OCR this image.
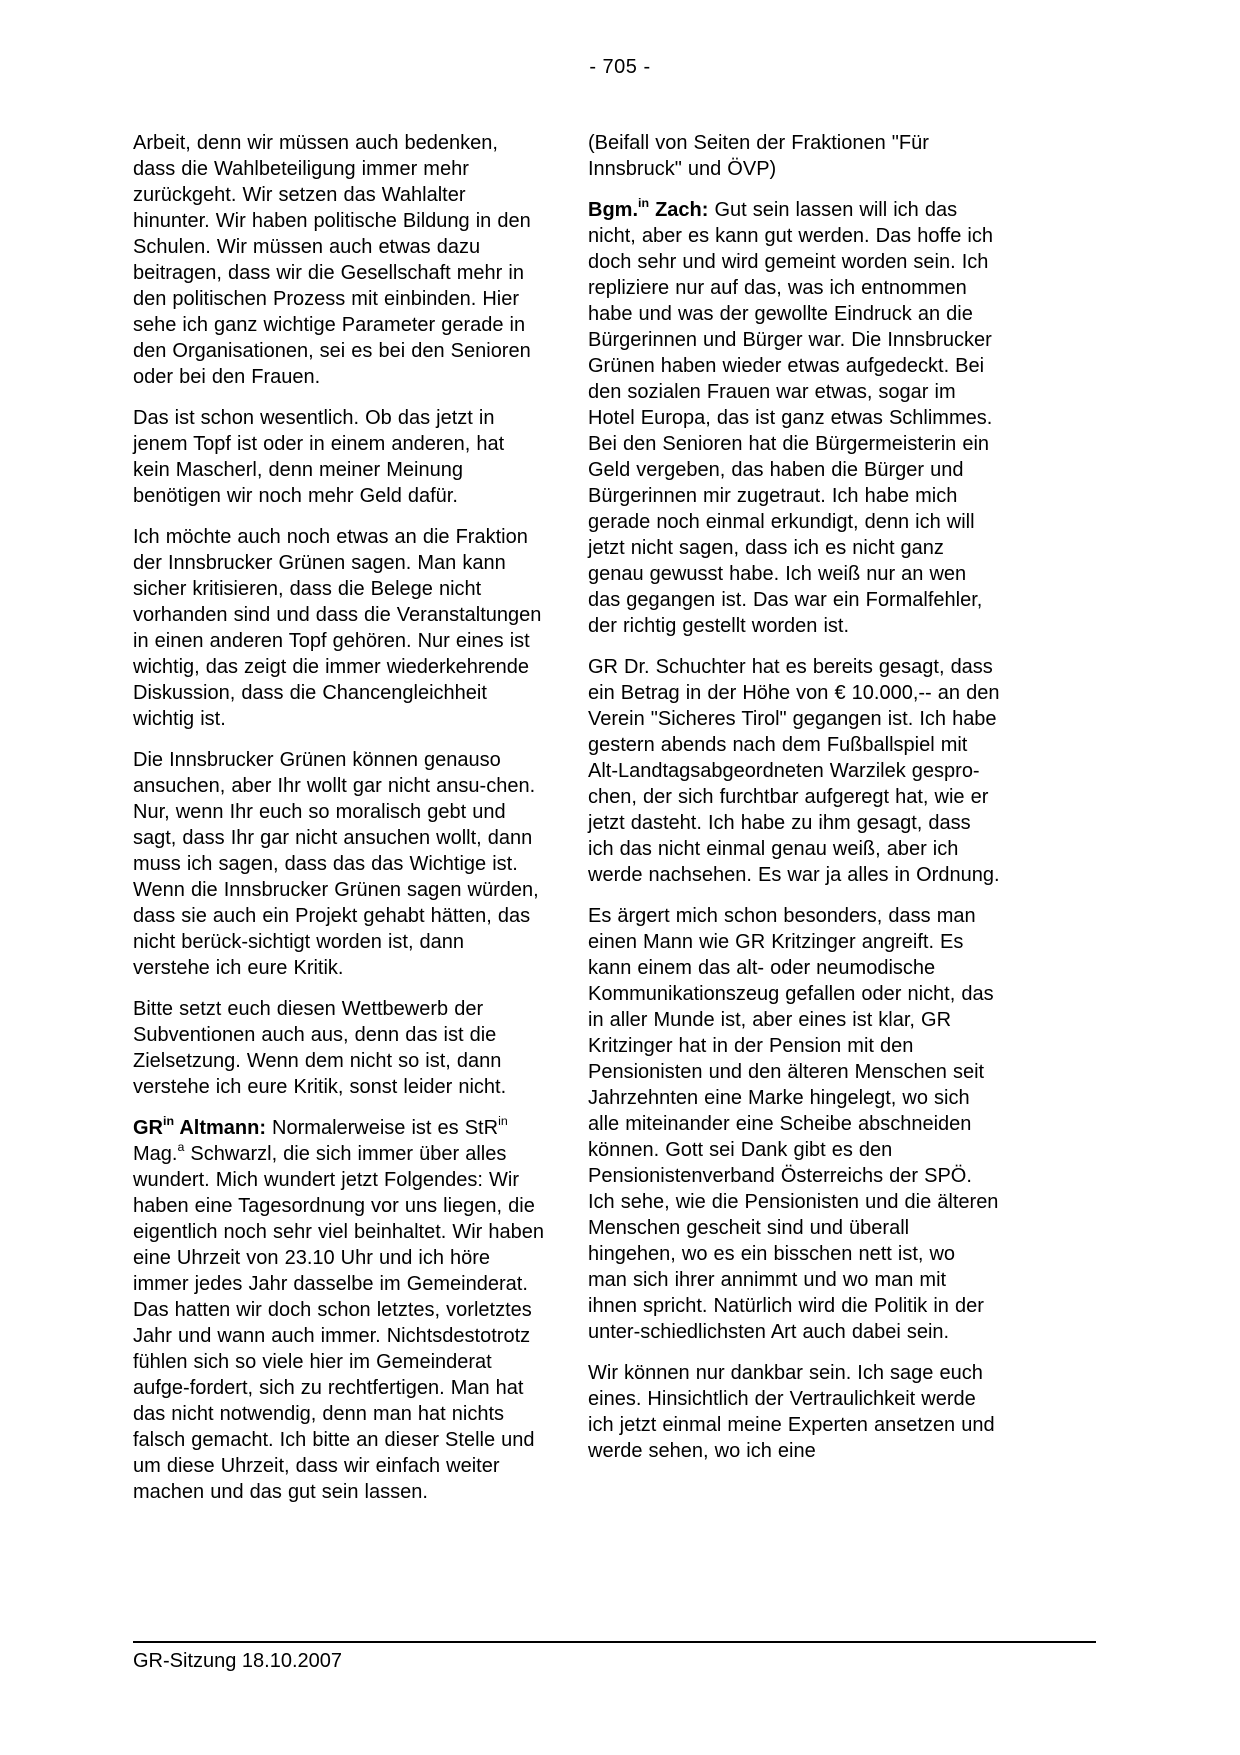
- 705 -

Arbeit, denn wir müssen auch bedenken, dass die Wahlbeteiligung immer mehr zurückgeht. Wir setzen das Wahlalter hinunter. Wir haben politische Bildung in den Schulen. Wir müssen auch etwas dazu beitragen, dass wir die Gesellschaft mehr in den politischen Prozess mit einbinden. Hier sehe ich ganz wichtige Parameter gerade in den Organisationen, sei es bei den Senioren oder bei den Frauen.

Das ist schon wesentlich. Ob das jetzt in jenem Topf ist oder in einem anderen, hat kein Mascherl, denn meiner Meinung benötigen wir noch mehr Geld dafür.

Ich möchte auch noch etwas an die Fraktion der Innsbrucker Grünen sagen. Man kann sicher kritisieren, dass die Belege nicht vorhanden sind und dass die Veranstaltungen in einen anderen Topf gehören. Nur eines ist wichtig, das zeigt die immer wiederkehrende Diskussion, dass die Chancengleichheit wichtig ist.

Die Innsbrucker Grünen können genauso ansuchen, aber Ihr wollt gar nicht ansu-chen. Nur, wenn Ihr euch so moralisch gebt und sagt, dass Ihr gar nicht ansuchen wollt, dann muss ich sagen, dass das das Wichtige ist. Wenn die Innsbrucker Grünen sagen würden, dass sie auch ein Projekt gehabt hätten, das nicht berück-sichtigt worden ist, dann verstehe ich eure Kritik.

Bitte setzt euch diesen Wettbewerb der Subventionen auch aus, denn das ist die Zielsetzung. Wenn dem nicht so ist, dann verstehe ich eure Kritik, sonst leider nicht.

$GR^{in}$ Altmann: Normalerweise ist es StR$^{in}$ Mag.$^a$ Schwarzl, die sich immer über alles wundert. Mich wundert jetzt Folgendes: Wir haben eine Tagesordnung vor uns liegen, die eigentlich noch sehr viel beinhaltet. Wir haben eine Uhrzeit von 23.10 Uhr und ich höre immer jedes Jahr dasselbe im Gemeinderat. Das hatten wir doch schon letztes, vorletztes Jahr und wann auch immer. Nichtsdestotrotz fühlen sich so viele hier im Gemeinderat aufge-fordert, sich zu rechtfertigen. Man hat das nicht notwendig, denn man hat nichts falsch gemacht. Ich bitte an dieser Stelle und um diese Uhrzeit, dass wir einfach weiter machen und das gut sein lassen.

(Beifall von Seiten der Fraktionen "Für Innsbruck" und ÖVP)

Bgm.$^{in}$ Zach: Gut sein lassen will ich das nicht, aber es kann gut werden. Das hoffe ich doch sehr und wird gemeint worden sein. Ich repliziere nur auf das, was ich entnommen habe und was der gewollte Eindruck an die Bürgerinnen und Bürger war. Die Innsbrucker Grünen haben wieder etwas aufgedeckt. Bei den sozialen Frauen war etwas, sogar im Hotel Europa, das ist ganz etwas Schlimmes. Bei den Senioren hat die Bürgermeisterin ein Geld vergeben, das haben die Bürger und Bürgerinnen mir zugetraut. Ich habe mich gerade noch einmal erkundigt, denn ich will jetzt nicht sagen, dass ich es nicht ganz genau gewusst habe. Ich weiß nur an wen das gegangen ist. Das war ein Formalfehler, der richtig gestellt worden ist.

GR Dr. Schuchter hat es bereits gesagt, dass ein Betrag in der Höhe von € 10.000,-- an den Verein "Sicheres Tirol" gegangen ist. Ich habe gestern abends nach dem Fußballspiel mit Alt-Landtagsabgeordneten Warzilek gespro-chen, der sich furchtbar aufgeregt hat, wie er jetzt dasteht. Ich habe zu ihm gesagt, dass ich das nicht einmal genau weiß, aber ich werde nachsehen. Es war ja alles in Ordnung.

Es ärgert mich schon besonders, dass man einen Mann wie GR Kritzinger angreift. Es kann einem das alt- oder neumodische Kommunikationszeug gefallen oder nicht, das in aller Munde ist, aber eines ist klar, GR Kritzinger hat in der Pension mit den Pensionisten und den älteren Menschen seit Jahrzehnten eine Marke hingelegt, wo sich alle miteinander eine Scheibe abschneiden können. Gott sei Dank gibt es den Pensionistenverband Österreichs der SPÖ. Ich sehe, wie die Pensionisten und die älteren Menschen gescheit sind und überall hingehen, wo es ein bisschen nett ist, wo man sich ihrer annimmt und wo man mit ihnen spricht. Natürlich wird die Politik in der unter-schiedlichsten Art auch dabei sein.

Wir können nur dankbar sein. Ich sage euch eines. Hinsichtlich der Vertraulichkeit werde ich jetzt einmal meine Experten ansetzen und werde sehen, wo ich eine

GR-Sitzung 18.10.2007
